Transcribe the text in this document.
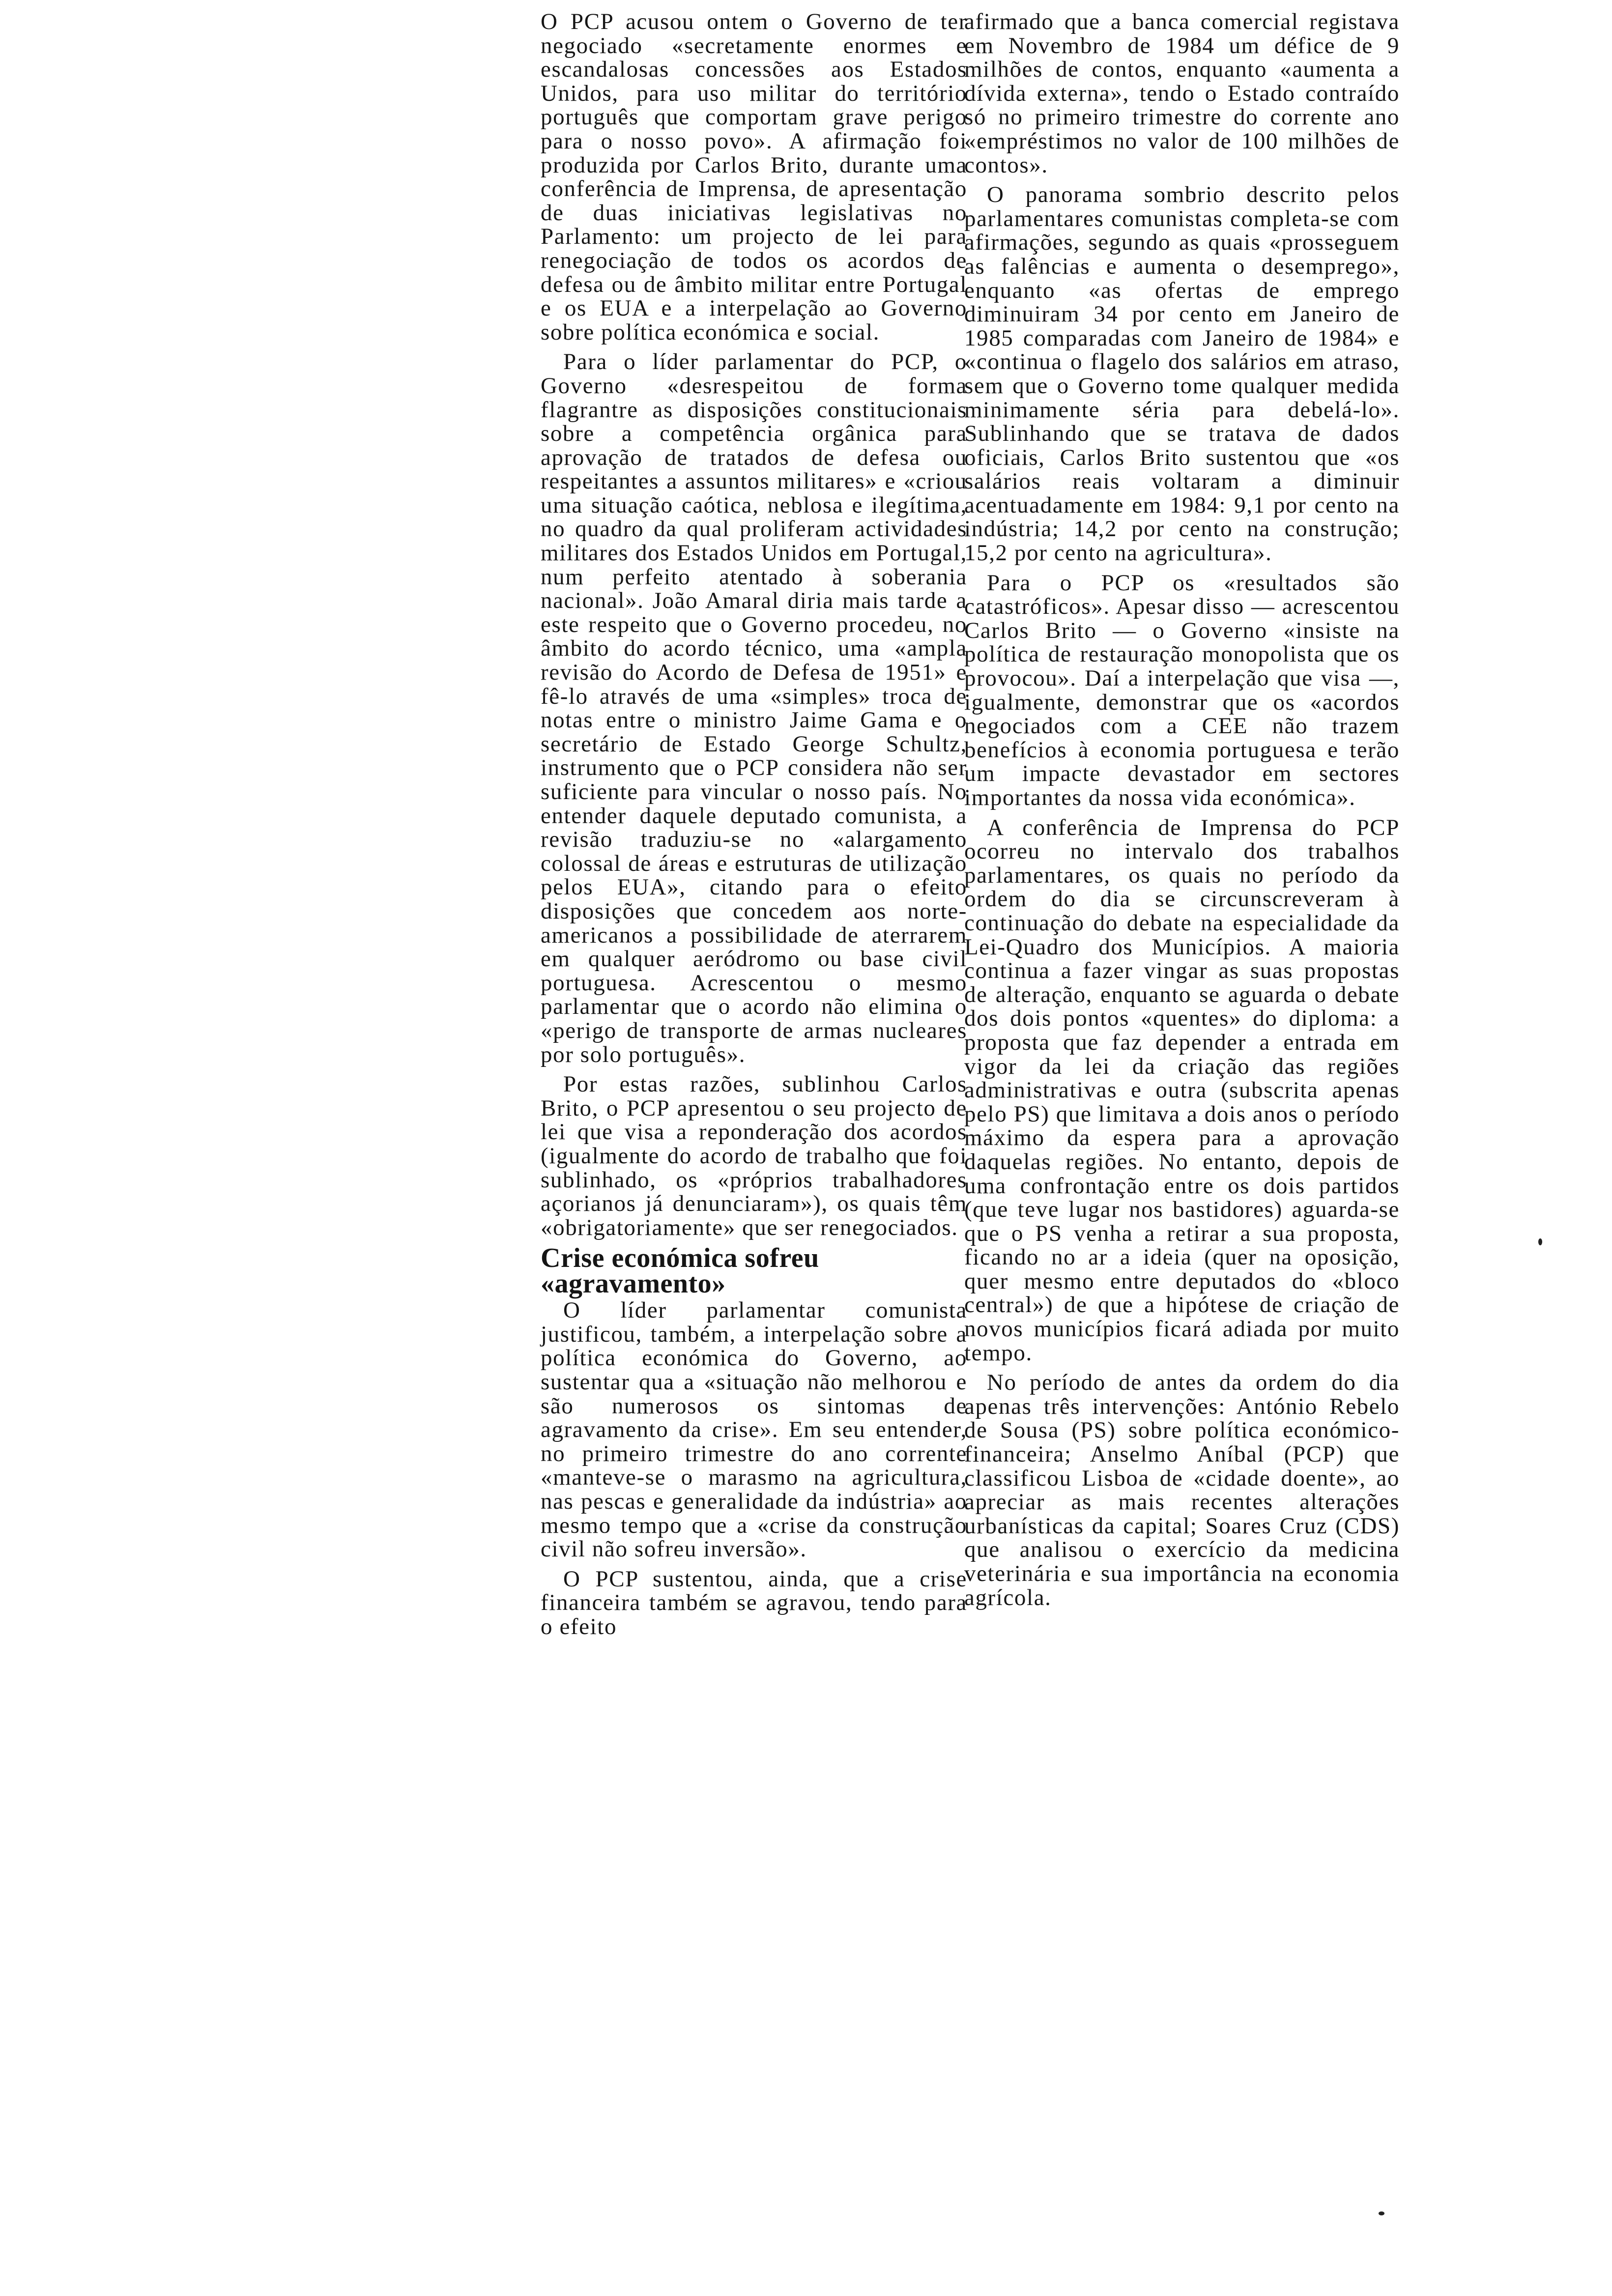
O PCP acusou ontem o Governo de ter negociado «secretamente enormes e escandalosas concessões aos Estados Unidos, para uso militar do território português que comportam grave perigo para o nosso povo». A afirmação foi produzida por Carlos Brito, durante uma conferência de Imprensa, de apresentação de duas iniciativas legislativas no Parlamento: um projecto de lei para renegociação de todos os acordos de defesa ou de âmbito militar entre Portugal e os EUA e a interpelação ao Governo sobre política económica e social.

Para o líder parlamentar do PCP, o Governo «desrespeitou de forma flagrantre as disposições constitucionais sobre a competência orgânica para aprovação de tratados de defesa ou respeitantes a assuntos militares» e «criou uma situação caótica, neblosa e ilegítima, no quadro da qual proliferam actividades militares dos Estados Unidos em Portugal, num perfeito atentado à soberania nacional». João Amaral diria mais tarde a este respeito que o Governo procedeu, no âmbito do acordo técnico, uma «ampla revisão do Acordo de Defesa de 1951» e fê-lo através de uma «simples» troca de notas entre o ministro Jaime Gama e o secretário de Estado George Schultz, instrumento que o PCP considera não ser suficiente para vincular o nosso país. No entender daquele deputado comunista, a revisão traduziu-se no «alargamento colossal de áreas e estruturas de utilização pelos EUA», citando para o efeito disposições que concedem aos norte-americanos a possibilidade de aterrarem em qualquer aeródromo ou base civil portuguesa. Acrescentou o mesmo parlamentar que o acordo não elimina o «perigo de transporte de armas nucleares por solo português».

Por estas razões, sublinhou Carlos Brito, o PCP apresentou o seu projecto de lei que visa a reponderação dos acordos (igualmente do acordo de trabalho que foi sublinhado, os «próprios trabalhadores açorianos já denunciaram»), os quais têm «obrigatoriamente» que ser renegociados.

Crise económica sofreu «agravamento»

O líder parlamentar comunista justificou, também, a interpelação sobre a política económica do Governo, ao sustentar qua a «situação não melhorou e são numerosos os sintomas de agravamento da crise». Em seu entender, no primeiro trimestre do ano corrente «manteve-se o marasmo na agricultura, nas pescas e generalidade da indústria» ao mesmo tempo que a «crise da construção civil não sofreu inversão».

O PCP sustentou, ainda, que a crise financeira também se agravou, tendo para o efeito

afirmado que a banca comercial registava em Novembro de 1984 um défice de 9 milhões de contos, enquanto «aumenta a dívida externa», tendo o Estado contraído só no primeiro trimestre do corrente ano «empréstimos no valor de 100 milhões de contos».

O panorama sombrio descrito pelos parlamentares comunistas completa-se com afirmações, segundo as quais «prosseguem as falências e aumenta o desemprego», enquanto «as ofertas de emprego diminuiram 34 por cento em Janeiro de 1985 comparadas com Janeiro de 1984» e «continua o flagelo dos salários em atraso, sem que o Governo tome qualquer medida minimamente séria para debelá-lo». Sublinhando que se tratava de dados oficiais, Carlos Brito sustentou que «os salários reais voltaram a diminuir acentuadamente em 1984: 9,1 por cento na indústria; 14,2 por cento na construção; 15,2 por cento na agricultura».

Para o PCP os «resultados são catastróficos». Apesar disso — acrescentou Carlos Brito — o Governo «insiste na política de restauração monopolista que os provocou». Daí a interpelação que visa —, igualmente, demonstrar que os «acordos negociados com a CEE não trazem benefícios à economia portuguesa e terão um impacte devastador em sectores importantes da nossa vida económica».

A conferência de Imprensa do PCP ocorreu no intervalo dos trabalhos parlamentares, os quais no período da ordem do dia se circunscreveram à continuação do debate na especialidade da Lei-Quadro dos Municípios. A maioria continua a fazer vingar as suas propostas de alteração, enquanto se aguarda o debate dos dois pontos «quentes» do diploma: a proposta que faz depender a entrada em vigor da lei da criação das regiões administrativas e outra (subscrita apenas pelo PS) que limitava a dois anos o período máximo da espera para a aprovação daquelas regiões. No entanto, depois de uma confrontação entre os dois partidos (que teve lugar nos bastidores) aguarda-se que o PS venha a retirar a sua proposta, ficando no ar a ideia (quer na oposição, quer mesmo entre deputados do «bloco central») de que a hipótese de criação de novos municípios ficará adiada por muito tempo.

No período de antes da ordem do dia apenas três intervenções: António Rebelo de Sousa (PS) sobre política económico-financeira; Anselmo Aníbal (PCP) que classificou Lisboa de «cidade doente», ao apreciar as mais recentes alterações urbanísticas da capital; Soares Cruz (CDS) que analisou o exercício da medicina veterinária e sua importância na economia agrícola.
